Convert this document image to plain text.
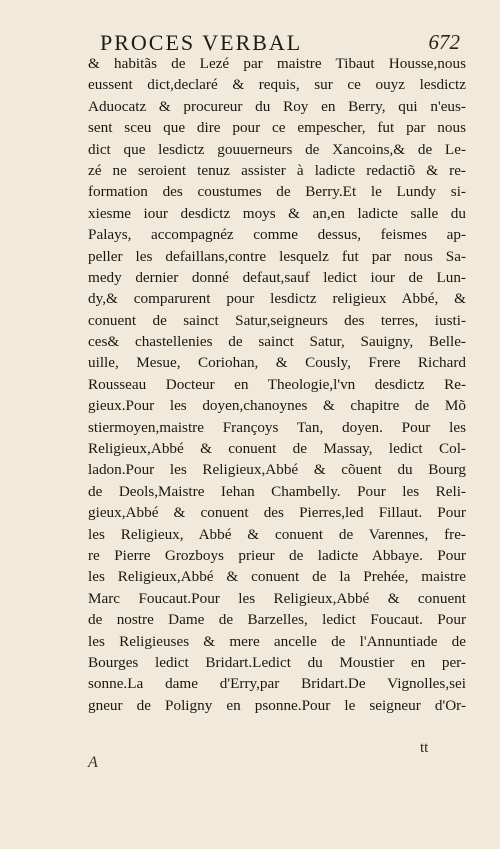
PROCES VERBAL	672
& habitãs de Lezé par maistre Tibaut Housse,nous
eussent dict,declaré & requis, sur ce ouyz lesdictz
Aduocatz & procureur du Roy en Berry, qui n'eus-
sent sceu que dire pour ce empescher, fut par nous
dict que lesdictz gouuerneurs de Xancoins,& de Le-
zé ne seroient tenuz assister à ladicte redactiõ & re-
formation des coustumes de Berry.Et le Lundy si-
xiesme iour desdictz moys & an,en ladicte salle du
Palays, accompagnéz comme dessus, feismes ap-
peller les defaillans,contre lesquelz fut par nous Sa-
medy dernier donné defaut,sauf ledict iour de Lun-
dy,& comparurent pour lesdictz religieux Abbé, &
conuent de sainct Satur,seigneurs des terres, iusti-
ces& chastellenies de sainct Satur, Sauigny, Belle-
uille, Mesue, Coriohan, & Cously, Frere Richard
Rousseau Docteur en Theologie,l'vn desdictz Re-
gieux.Pour les doyen,chanoynes & chapitre de Mõ
stiermoyen,maistre Françoys Tan, doyen. Pour les
Religieux,Abbé & conuent de Massay, ledict Col-
ladon.Pour les Religieux,Abbé & cõuent du Bourg
de Deols,Maistre Iehan Chambelly. Pour les Reli-
gieux,Abbé & conuent des Pierres,led Fillaut. Pour
les Religieux, Abbé & conuent de Varennes, fre-
re Pierre Grozboys prieur de ladicte Abbaye. Pour
les Religieux,Abbé & conuent de la Prehée, maistre
Marc Foucaut.Pour les Religieux,Abbé & conuent
de nostre Dame de Barzelles, ledict Foucaut. Pour
les Religieuses & mere ancelle de l'Annuntiade de
Bourges ledict Bridart.Ledict du Moustier en per-
sonne.La dame d'Erry,par Bridart.De Vignolles,sei
gneur de Poligny en psonne.Pour le seigneur d'Or-
tt
A
